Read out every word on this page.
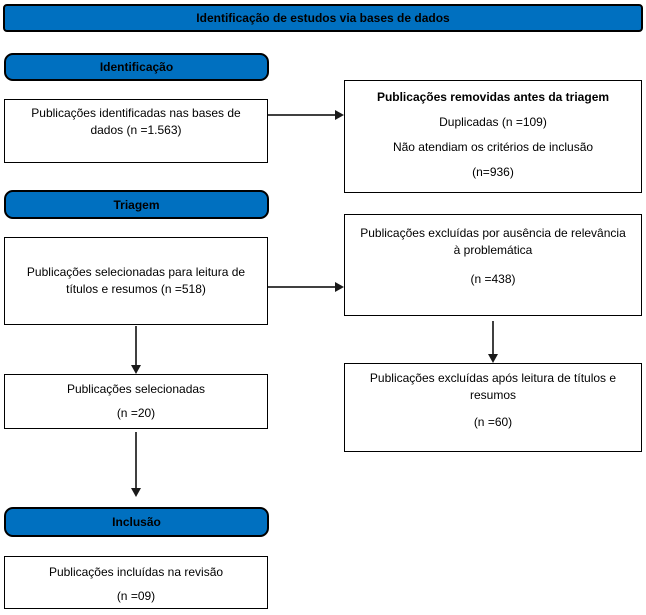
Identificação de estudos via bases de dados
Identificação

Publicações identificadas nas bases de dados (n =1.563)

Publicações removidas antes da triagem

Duplicadas (n =109)

Não atendiam os critérios de inclusão

(n=936)

Triagem

Publicações selecionadas para leitura de títulos e resumos (n =518)

Publicações excluídas por ausência de relevância à problemática

(n =438)

Publicações selecionadas

(n =20)

Publicações excluídas após leitura de títulos e resumos

(n =60)

Inclusão

Publicações incluídas na revisão

(n =09)
